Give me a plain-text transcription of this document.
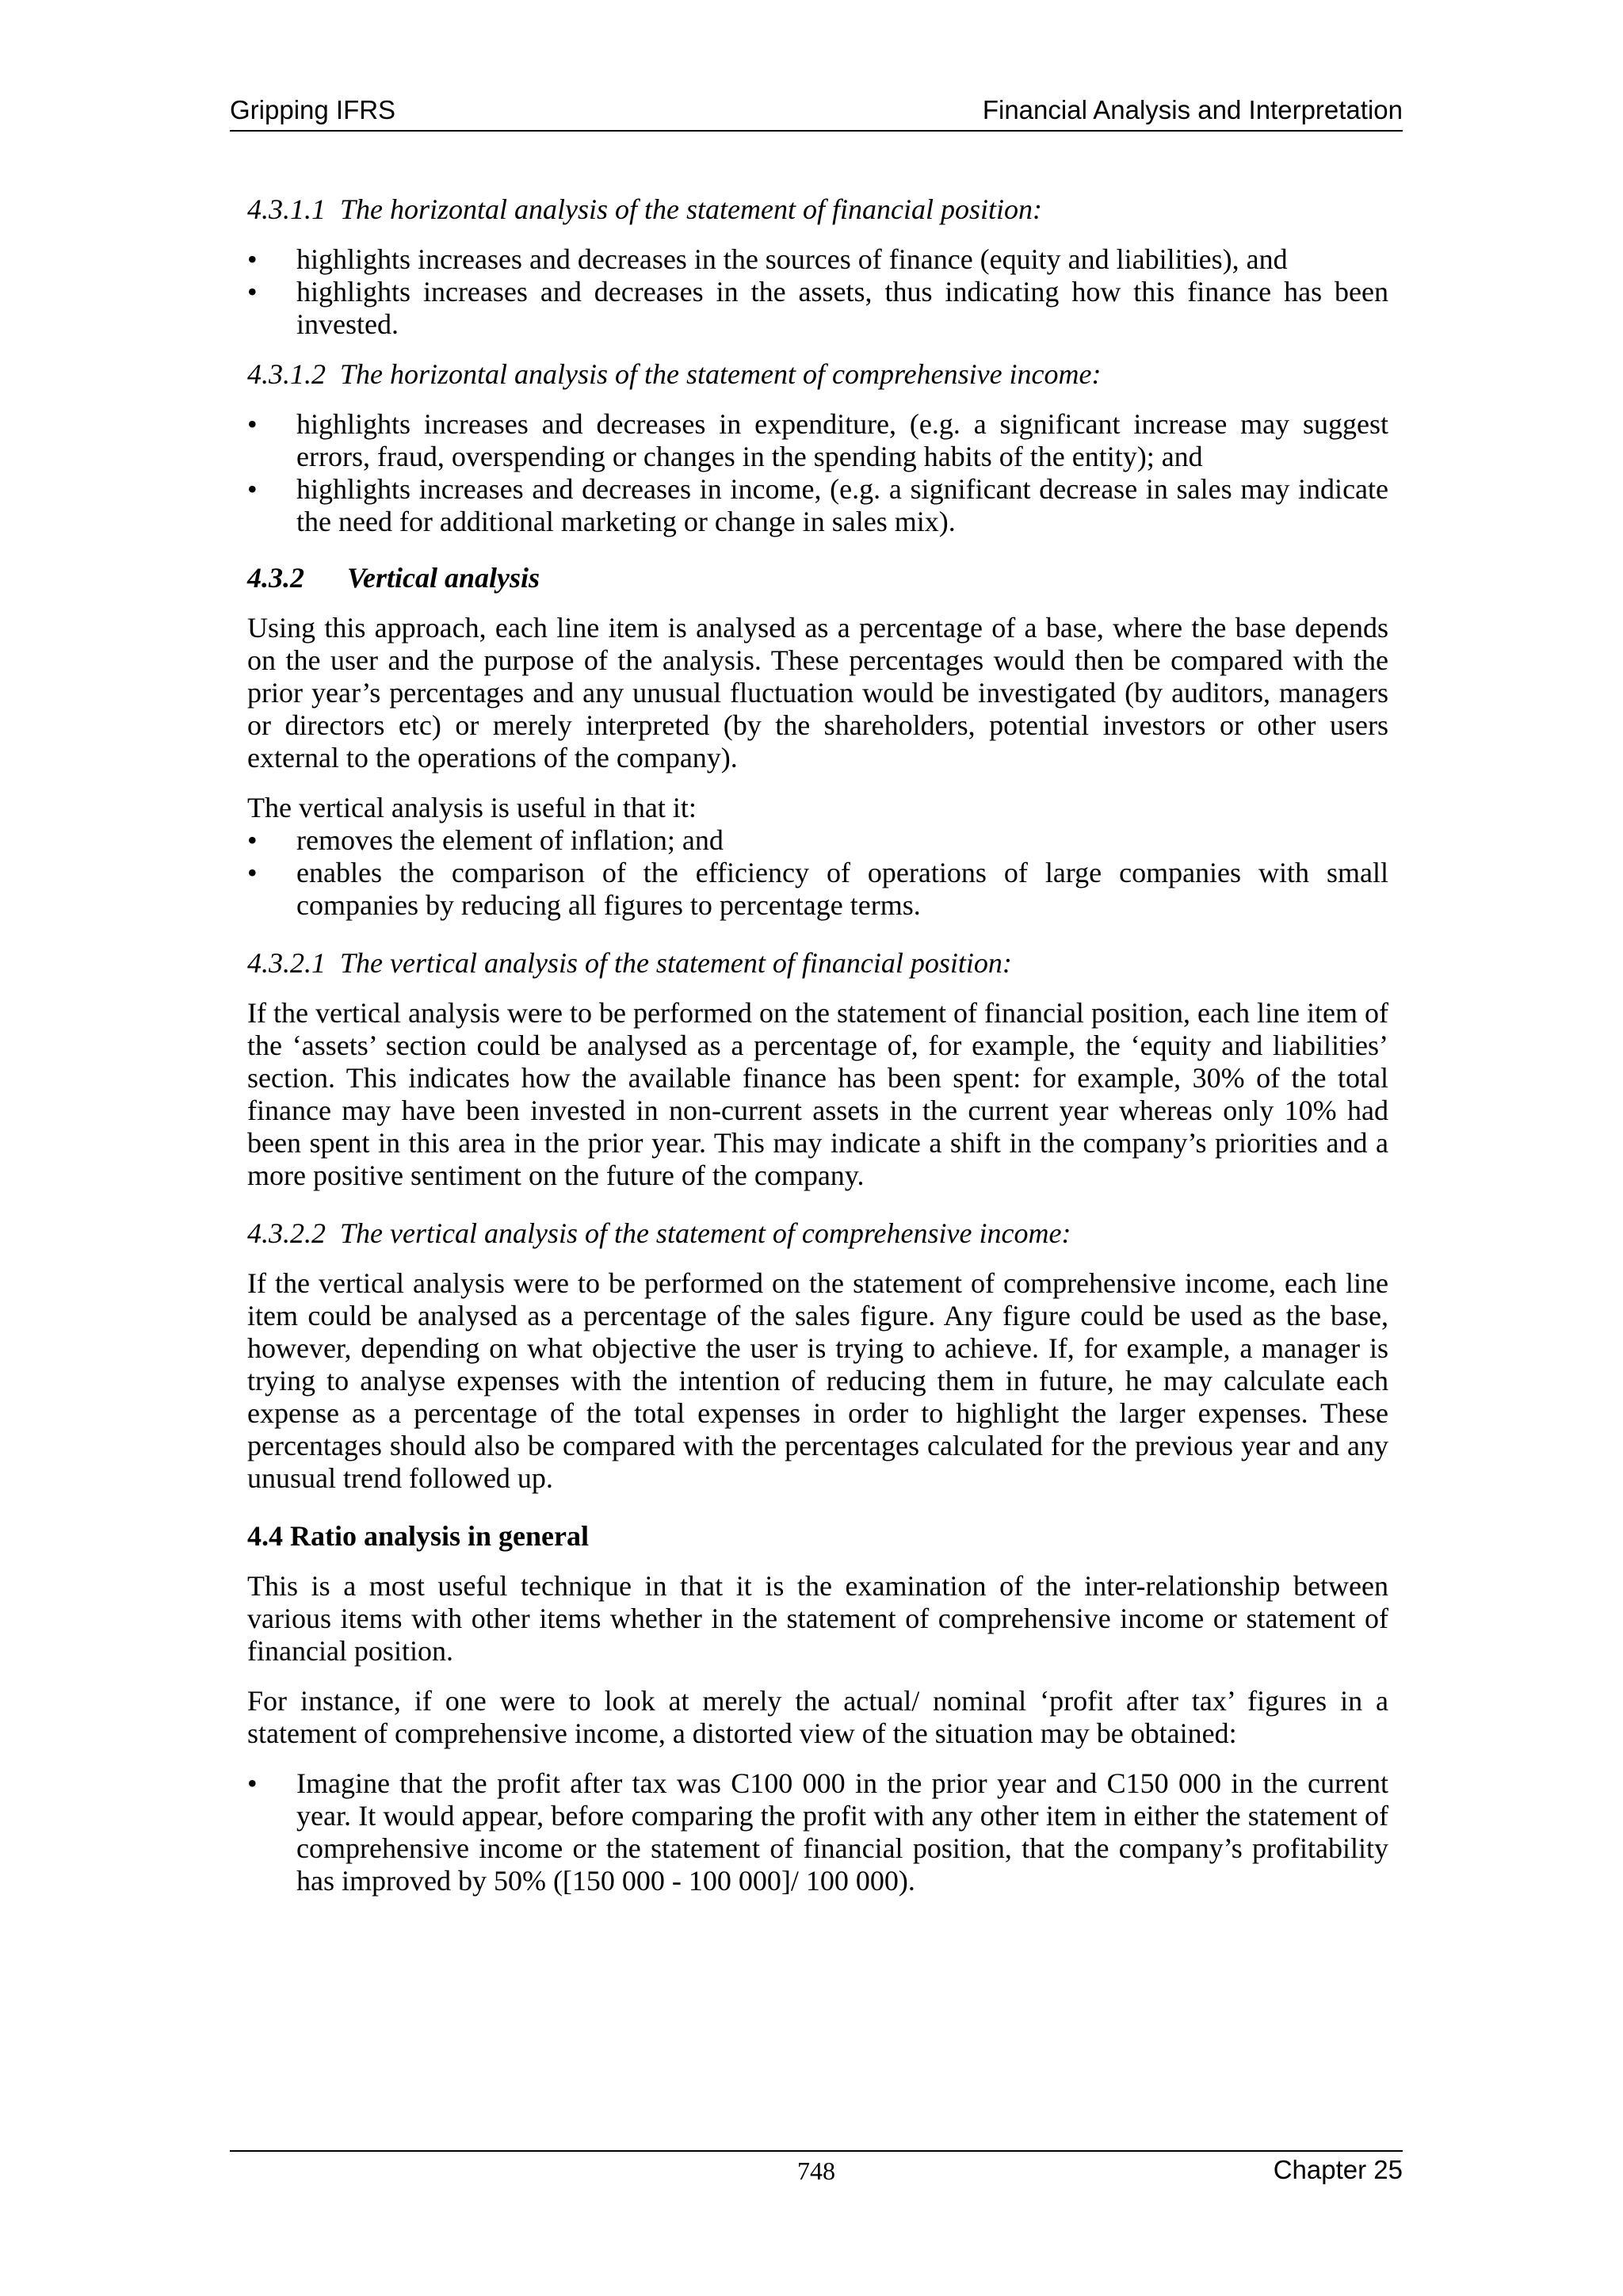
Gripping IFRS	Financial Analysis and Interpretation
4.3.1.1 The horizontal analysis of the statement of financial position:
• highlights increases and decreases in the sources of finance (equity and liabilities), and
• highlights increases and decreases in the assets, thus indicating how this finance has been invested.
4.3.1.2 The horizontal analysis of the statement of comprehensive income:
• highlights increases and decreases in expenditure, (e.g. a significant increase may suggest errors, fraud, overspending or changes in the spending habits of the entity); and
• highlights increases and decreases in income, (e.g. a significant decrease in sales may indicate the need for additional marketing or change in sales mix).
4.3.2 Vertical analysis

Using this approach, each line item is analysed as a percentage of a base, where the base depends on the user and the purpose of the analysis. These percentages would then be compared with the prior year’s percentages and any unusual fluctuation would be investigated (by auditors, managers or directors etc) or merely interpreted (by the shareholders, potential investors or other users external to the operations of the company).

The vertical analysis is useful in that it:

• removes the element of inflation; and
• enables the comparison of the efficiency of operations of large companies with small companies by reducing all figures to percentage terms.
4.3.2.1 The vertical analysis of the statement of financial position:

If the vertical analysis were to be performed on the statement of financial position, each line item of the ‘assets’ section could be analysed as a percentage of, for example, the ‘equity and liabilities’ section. This indicates how the available finance has been spent: for example, 30% of the total finance may have been invested in non-current assets in the current year whereas only 10% had been spent in this area in the prior year. This may indicate a shift in the company’s priorities and a more positive sentiment on the future of the company.

4.3.2.2 The vertical analysis of the statement of comprehensive income:

If the vertical analysis were to be performed on the statement of comprehensive income, each line item could be analysed as a percentage of the sales figure. Any figure could be used as the base, however, depending on what objective the user is trying to achieve. If, for example, a manager is trying to analyse expenses with the intention of reducing them in future, he may calculate each expense as a percentage of the total expenses in order to highlight the larger expenses. These percentages should also be compared with the percentages calculated for the previous year and any unusual trend followed up.

4.4 Ratio analysis in general

This is a most useful technique in that it is the examination of the inter-relationship between various items with other items whether in the statement of comprehensive income or statement of financial position.

For instance, if one were to look at merely the actual/ nominal ‘profit after tax’ figures in a statement of comprehensive income, a distorted view of the situation may be obtained:

• Imagine that the profit after tax was C100 000 in the prior year and C150 000 in the current year. It would appear, before comparing the profit with any other item in either the statement of comprehensive income or the statement of financial position, that the company’s profitability has improved by 50% ([150 000 - 100 000]/ 100 000).
748	Chapter 25
